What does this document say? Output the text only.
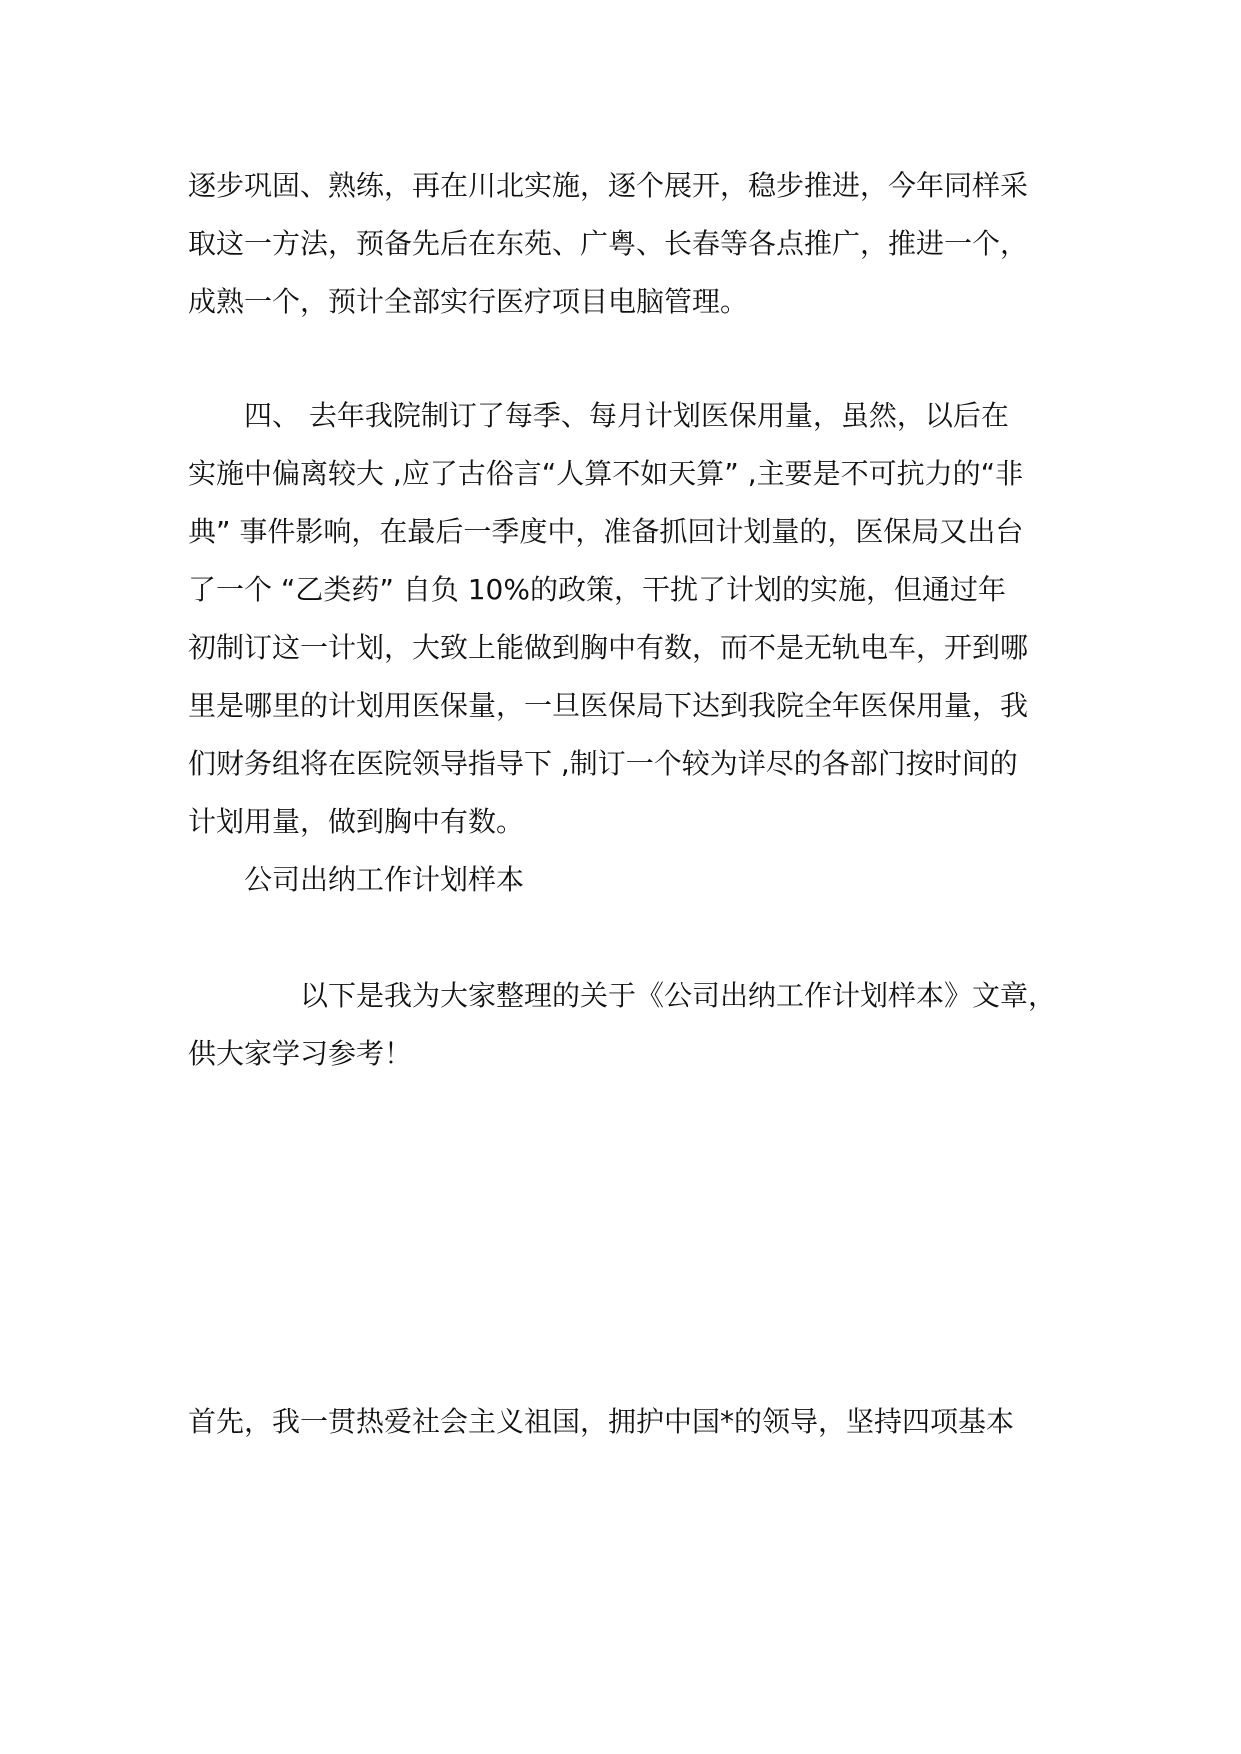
逐步巩固、熟练，再在川北实施，逐个展开，稳步推进，今年同样采
取这一方法，预备先后在东苑、广粤、长春等各点推广，推进一个，
成熟一个，预计全部实行医疗项目电脑管理。
四、 去年我院制订了每季、每月计划医保用量，虽然，以后在
实施中偏离较大 ,应了古俗言“人算不如天算” ,主要是不可抗力的“非
典” 事件影响，在最后一季度中，准备抓回计划量的，医保局又出台
了一个 “乙类药” 自负 10%的政策，干扰了计划的实施，但通过年
初制订这一计划，大致上能做到胸中有数，而不是无轨电车，开到哪
里是哪里的计划用医保量，一旦医保局下达到我院全年医保用量，我
们财务组将在医院领导指导下 ,制订一个较为详尽的各部门按时间的
计划用量，做到胸中有数。
公司出纳工作计划样本
以下是我为大家整理的关于《公司出纳工作计划样本》文章，
供大家学习参考！
首先，我一贯热爱社会主义祖国，拥护中国*的领导，坚持四项基本
